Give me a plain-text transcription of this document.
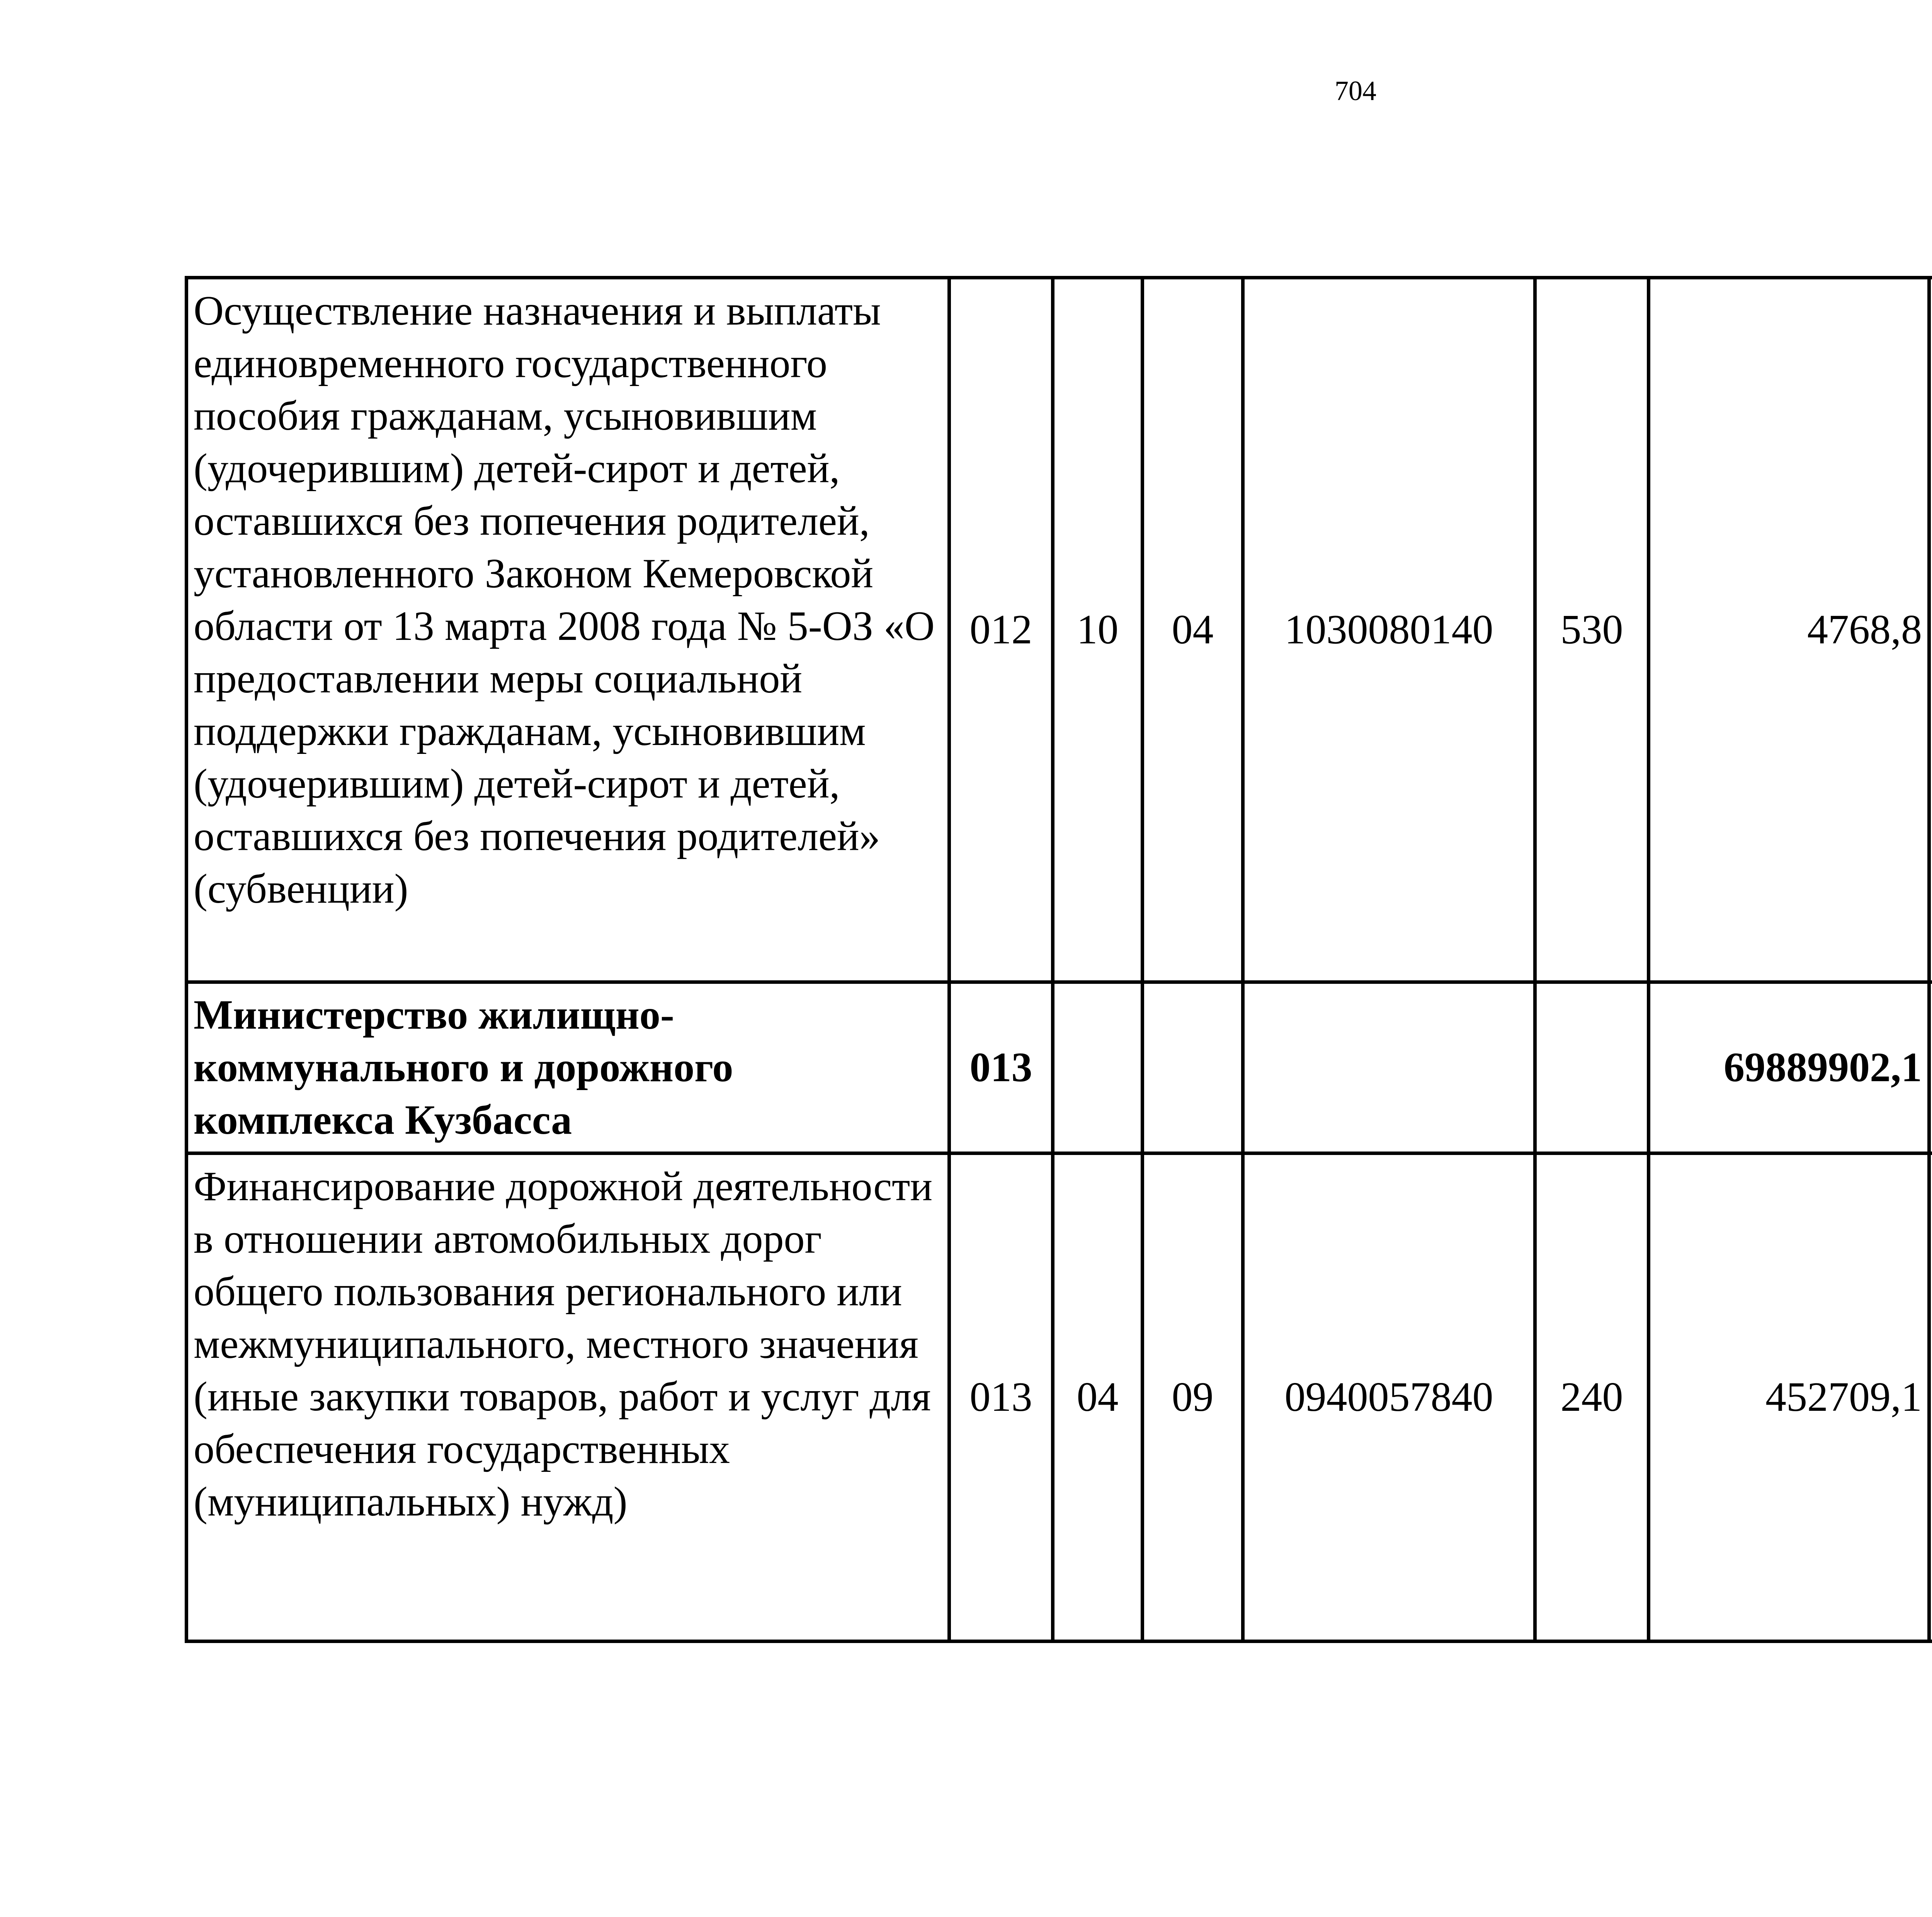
704
Осуществление назначения и выплаты единовременного государственного пособия гражданам, усыновившим (удочерившим) детей-сирот и детей, оставшихся без попечения родителей, установленного Законом Кемеровской области от 13 марта 2008 года № 5-ОЗ «О предоставлении меры социальной поддержки гражданам, усыновившим (удочерившим) детей-сирот и детей, оставшихся без попечения родителей» (субвенции)	012	10	04	1030080140	530	4768,8		
Министерство жилищно-коммунального и дорожного комплекса Кузбасса	013					69889902,1		
Финансирование дорожной деятельности в отношении автомобильных дорог общего пользования регионального или межмуниципального, местного значения (иные закупки товаров, работ и услуг для обеспечения государственных (муниципальных) нужд)	013	04	09	0940057840	240	452709,1		
